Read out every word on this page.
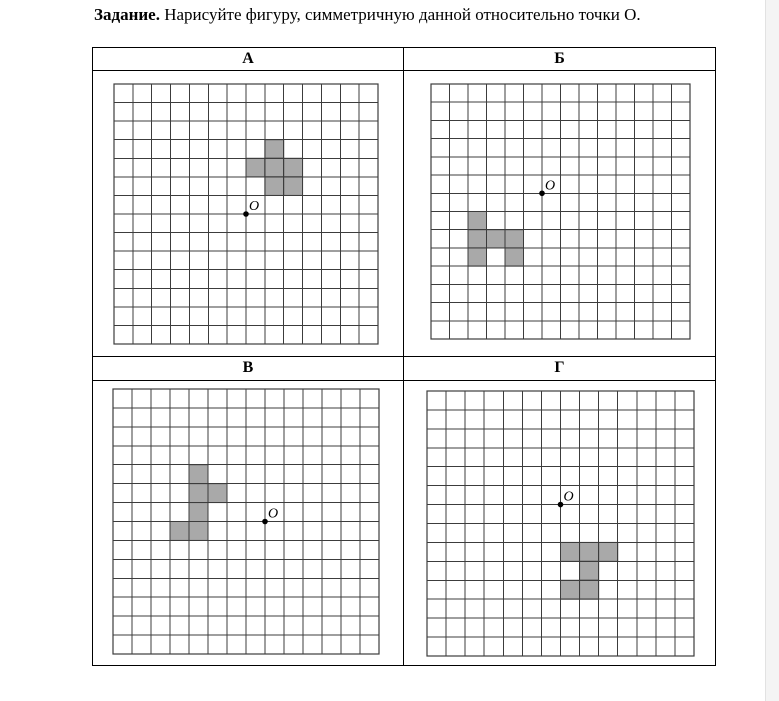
Задание. Нарисуйте фигуру, симметричную данной относительно точки О.
А	Б
В	Г
O
O
O
O
